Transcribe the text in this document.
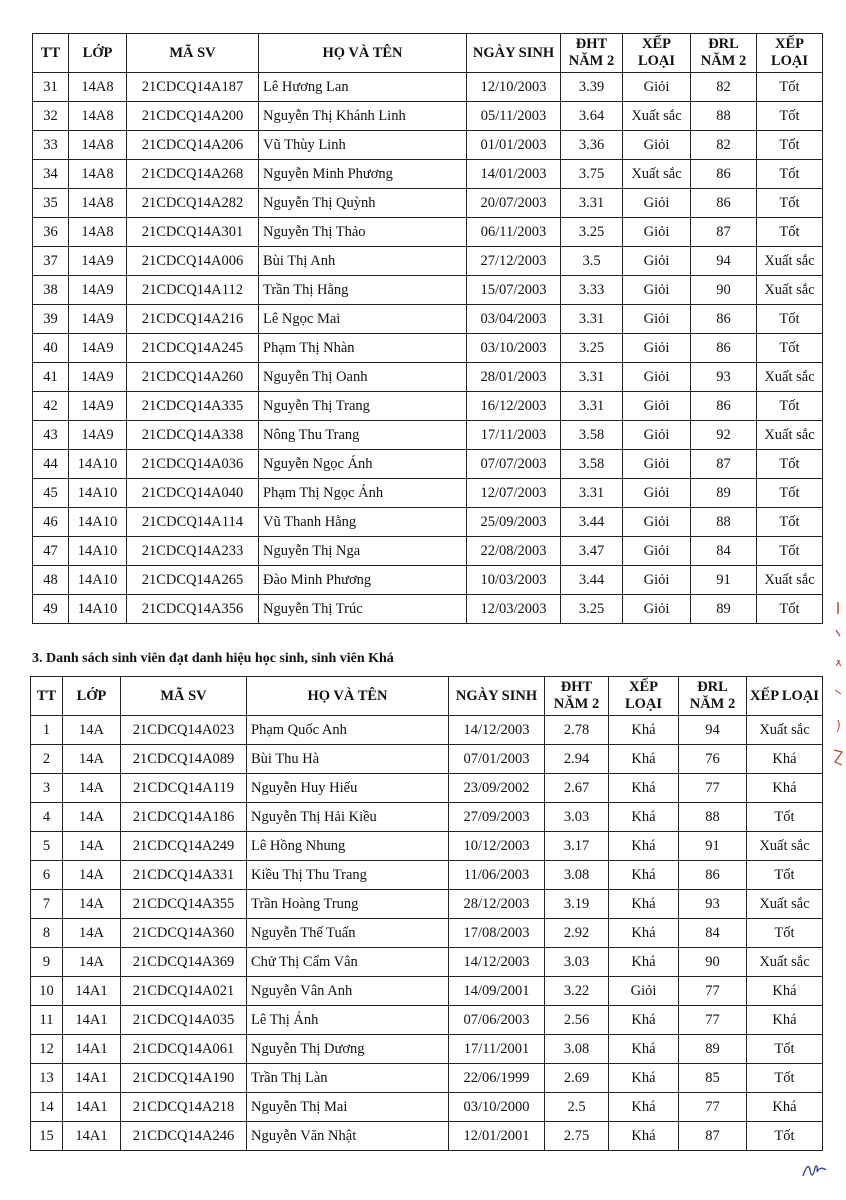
TT	LỚP	MÃ SV	HỌ VÀ TÊN	NGÀY SINH	ĐHT NĂM 2	XẾP LOẠI	ĐRL NĂM 2	XẾP LOẠI
31	14A8	21CDCQ14A187	Lê Hương Lan	12/10/2003	3.39	Giỏi	82	Tốt
32	14A8	21CDCQ14A200	Nguyễn Thị Khánh Linh	05/11/2003	3.64	Xuất sắc	88	Tốt
33	14A8	21CDCQ14A206	Vũ Thùy Linh	01/01/2003	3.36	Giỏi	82	Tốt
34	14A8	21CDCQ14A268	Nguyễn Minh Phương	14/01/2003	3.75	Xuất sắc	86	Tốt
35	14A8	21CDCQ14A282	Nguyễn Thị Quỳnh	20/07/2003	3.31	Giỏi	86	Tốt
36	14A8	21CDCQ14A301	Nguyễn Thị Thảo	06/11/2003	3.25	Giỏi	87	Tốt
37	14A9	21CDCQ14A006	Bùi Thị Anh	27/12/2003	3.5	Giỏi	94	Xuất sắc
38	14A9	21CDCQ14A112	Trần Thị Hằng	15/07/2003	3.33	Giỏi	90	Xuất sắc
39	14A9	21CDCQ14A216	Lê Ngọc Mai	03/04/2003	3.31	Giỏi	86	Tốt
40	14A9	21CDCQ14A245	Phạm Thị Nhàn	03/10/2003	3.25	Giỏi	86	Tốt
41	14A9	21CDCQ14A260	Nguyễn Thị Oanh	28/01/2003	3.31	Giỏi	93	Xuất sắc
42	14A9	21CDCQ14A335	Nguyễn Thị Trang	16/12/2003	3.31	Giỏi	86	Tốt
43	14A9	21CDCQ14A338	Nông Thu Trang	17/11/2003	3.58	Giỏi	92	Xuất sắc
44	14A10	21CDCQ14A036	Nguyễn Ngọc Ánh	07/07/2003	3.58	Giỏi	87	Tốt
45	14A10	21CDCQ14A040	Phạm Thị Ngọc Ánh	12/07/2003	3.31	Giỏi	89	Tốt
46	14A10	21CDCQ14A114	Vũ Thanh Hằng	25/09/2003	3.44	Giỏi	88	Tốt
47	14A10	21CDCQ14A233	Nguyễn Thị Nga	22/08/2003	3.47	Giỏi	84	Tốt
48	14A10	21CDCQ14A265	Đào Minh Phương	10/03/2003	3.44	Giỏi	91	Xuất sắc
49	14A10	21CDCQ14A356	Nguyễn Thị Trúc	12/03/2003	3.25	Giỏi	89	Tốt
3. Danh sách sinh viên đạt danh hiệu học sinh, sinh viên Khá
TT	LỚP	MÃ SV	HỌ VÀ TÊN	NGÀY SINH	ĐHT NĂM 2	XẾP LOẠI	ĐRL NĂM 2	XẾP LOẠI
1	14A	21CDCQ14A023	Phạm Quốc Anh	14/12/2003	2.78	Khá	94	Xuất sắc
2	14A	21CDCQ14A089	Bùi Thu Hà	07/01/2003	2.94	Khá	76	Khá
3	14A	21CDCQ14A119	Nguyễn Huy Hiếu	23/09/2002	2.67	Khá	77	Khá
4	14A	21CDCQ14A186	Nguyễn Thị Hải Kiều	27/09/2003	3.03	Khá	88	Tốt
5	14A	21CDCQ14A249	Lê Hồng Nhung	10/12/2003	3.17	Khá	91	Xuất sắc
6	14A	21CDCQ14A331	Kiều Thị Thu Trang	11/06/2003	3.08	Khá	86	Tốt
7	14A	21CDCQ14A355	Trần Hoàng Trung	28/12/2003	3.19	Khá	93	Xuất sắc
8	14A	21CDCQ14A360	Nguyễn Thế Tuấn	17/08/2003	2.92	Khá	84	Tốt
9	14A	21CDCQ14A369	Chử Thị Cẩm Vân	14/12/2003	3.03	Khá	90	Xuất sắc
10	14A1	21CDCQ14A021	Nguyễn Vân Anh	14/09/2001	3.22	Giỏi	77	Khá
11	14A1	21CDCQ14A035	Lê Thị Ánh	07/06/2003	2.56	Khá	77	Khá
12	14A1	21CDCQ14A061	Nguyễn Thị Dương	17/11/2001	3.08	Khá	89	Tốt
13	14A1	21CDCQ14A190	Trần Thị Làn	22/06/1999	2.69	Khá	85	Tốt
14	14A1	21CDCQ14A218	Nguyễn Thị Mai	03/10/2000	2.5	Khá	77	Khá
15	14A1	21CDCQ14A246	Nguyễn Văn Nhật	12/01/2001	2.75	Khá	87	Tốt
